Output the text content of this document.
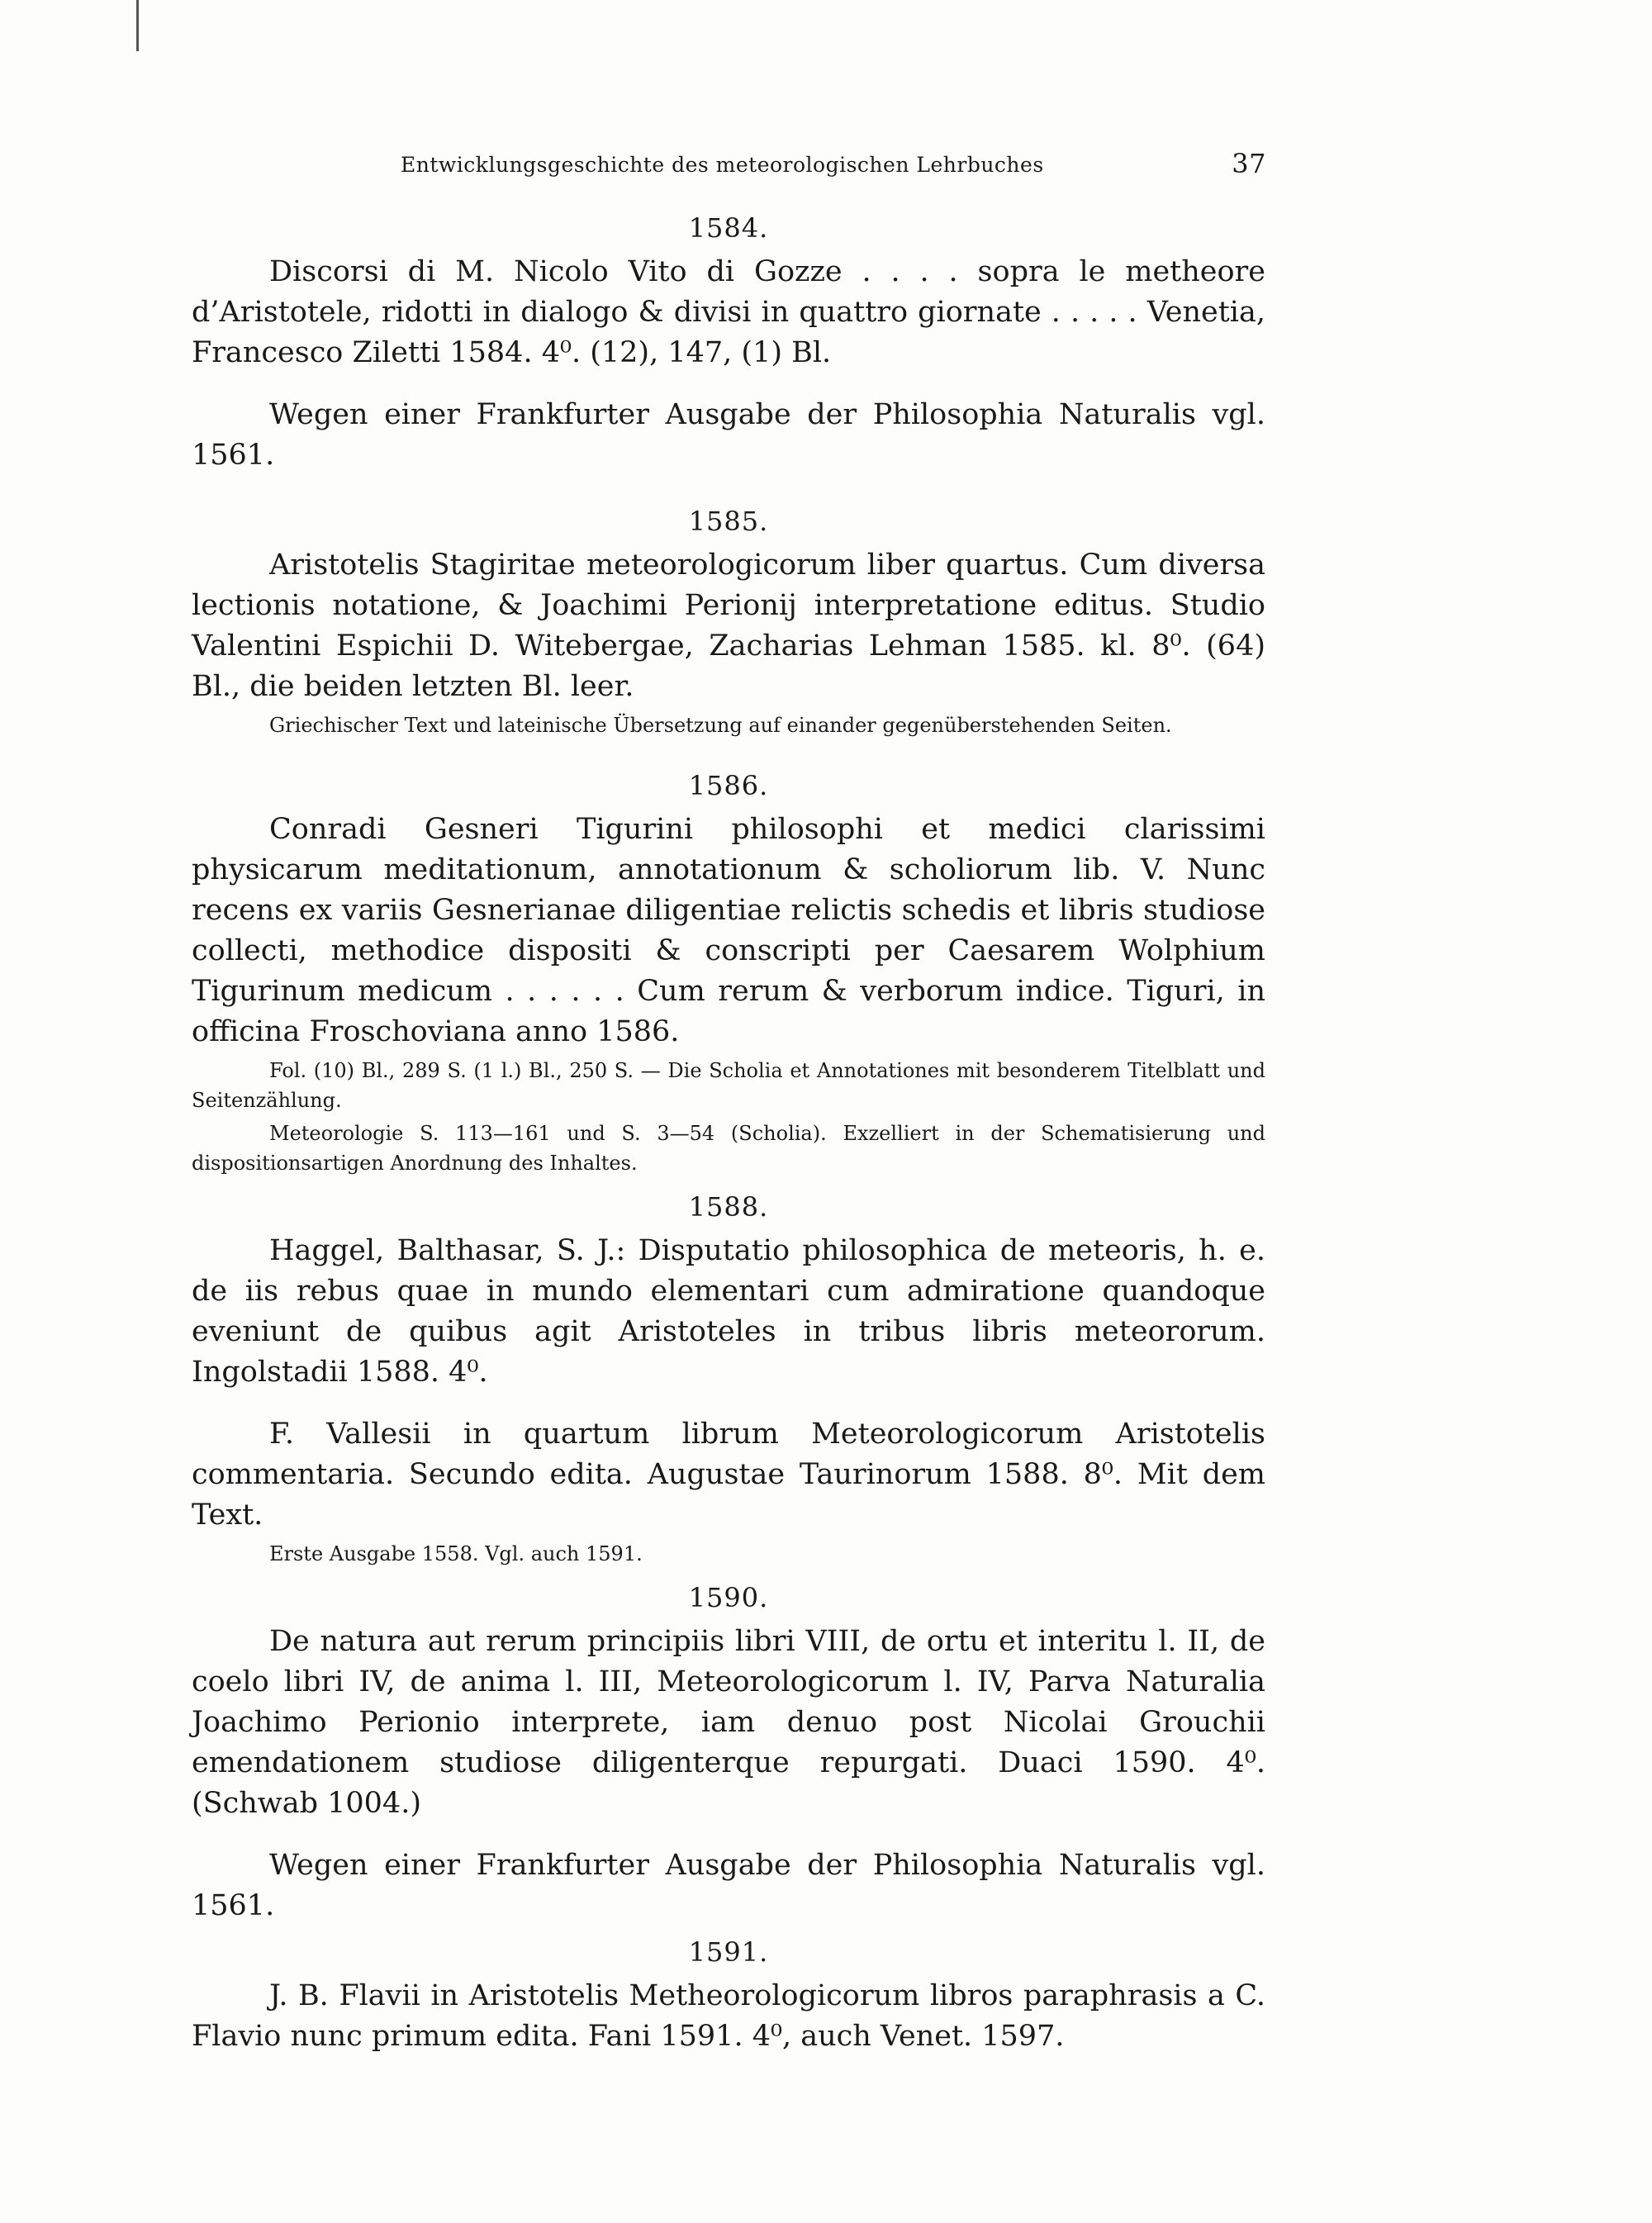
Entwicklungsgeschichte des meteorologischen Lehrbuches	37
1584.

Discorsi di M. Nicolo Vito di Gozze . . . . sopra le metheore d’Aristotele, ridotti in dialogo & divisi in quattro giornate . . . . . Venetia, Francesco Ziletti 1584. 4⁰. (12), 147, (1) Bl.

Wegen einer Frankfurter Ausgabe der Philosophia Naturalis vgl. 1561.

1585.

Aristotelis Stagiritae meteorologicorum liber quartus. Cum diversa lectionis notatione, & Joachimi Perionij interpretatione editus. Studio Valentini Espichii D. Witebergae, Zacharias Lehman 1585. kl. 8⁰. (64) Bl., die beiden letzten Bl. leer.

Griechischer Text und lateinische Übersetzung auf einander gegenüberstehenden Seiten.

1586.

Conradi Gesneri Tigurini philosophi et medici clarissimi physicarum meditationum, annotationum & scholiorum lib. V. Nunc recens ex variis Gesnerianae diligentiae relictis schedis et libris studiose collecti, methodice dispositi & conscripti per Caesarem Wolphium Tigurinum medicum . . . . . . Cum rerum & verborum indice. Tiguri, in officina Froschoviana anno 1586.

Fol. (10) Bl., 289 S. (1 l.) Bl., 250 S. — Die Scholia et Annotationes mit besonderem Titelblatt und Seitenzählung.

Meteorologie S. 113—161 und S. 3—54 (Scholia). Exzelliert in der Schematisierung und dispositionsartigen Anordnung des Inhaltes.

1588.

Haggel, Balthasar, S. J.: Disputatio philosophica de meteoris, h. e. de iis rebus quae in mundo elementari cum admiratione quandoque eveniunt de quibus agit Aristoteles in tribus libris meteororum. Ingolstadii 1588. 4⁰.

F. Vallesii in quartum librum Meteorologicorum Aristotelis commentaria. Secundo edita. Augustae Taurinorum 1588. 8⁰. Mit dem Text.

Erste Ausgabe 1558. Vgl. auch 1591.

1590.

De natura aut rerum principiis libri VIII, de ortu et interitu l. II, de coelo libri IV, de anima l. III, Meteorologicorum l. IV, Parva Naturalia Joachimo Perionio interprete, iam denuo post Nicolai Grouchii emendationem studiose diligenterque repurgati. Duaci 1590. 4⁰. (Schwab 1004.)

Wegen einer Frankfurter Ausgabe der Philosophia Naturalis vgl. 1561.

1591.

J. B. Flavii in Aristotelis Metheorologicorum libros paraphrasis a C. Flavio nunc primum edita. Fani 1591. 4⁰, auch Venet. 1597.
